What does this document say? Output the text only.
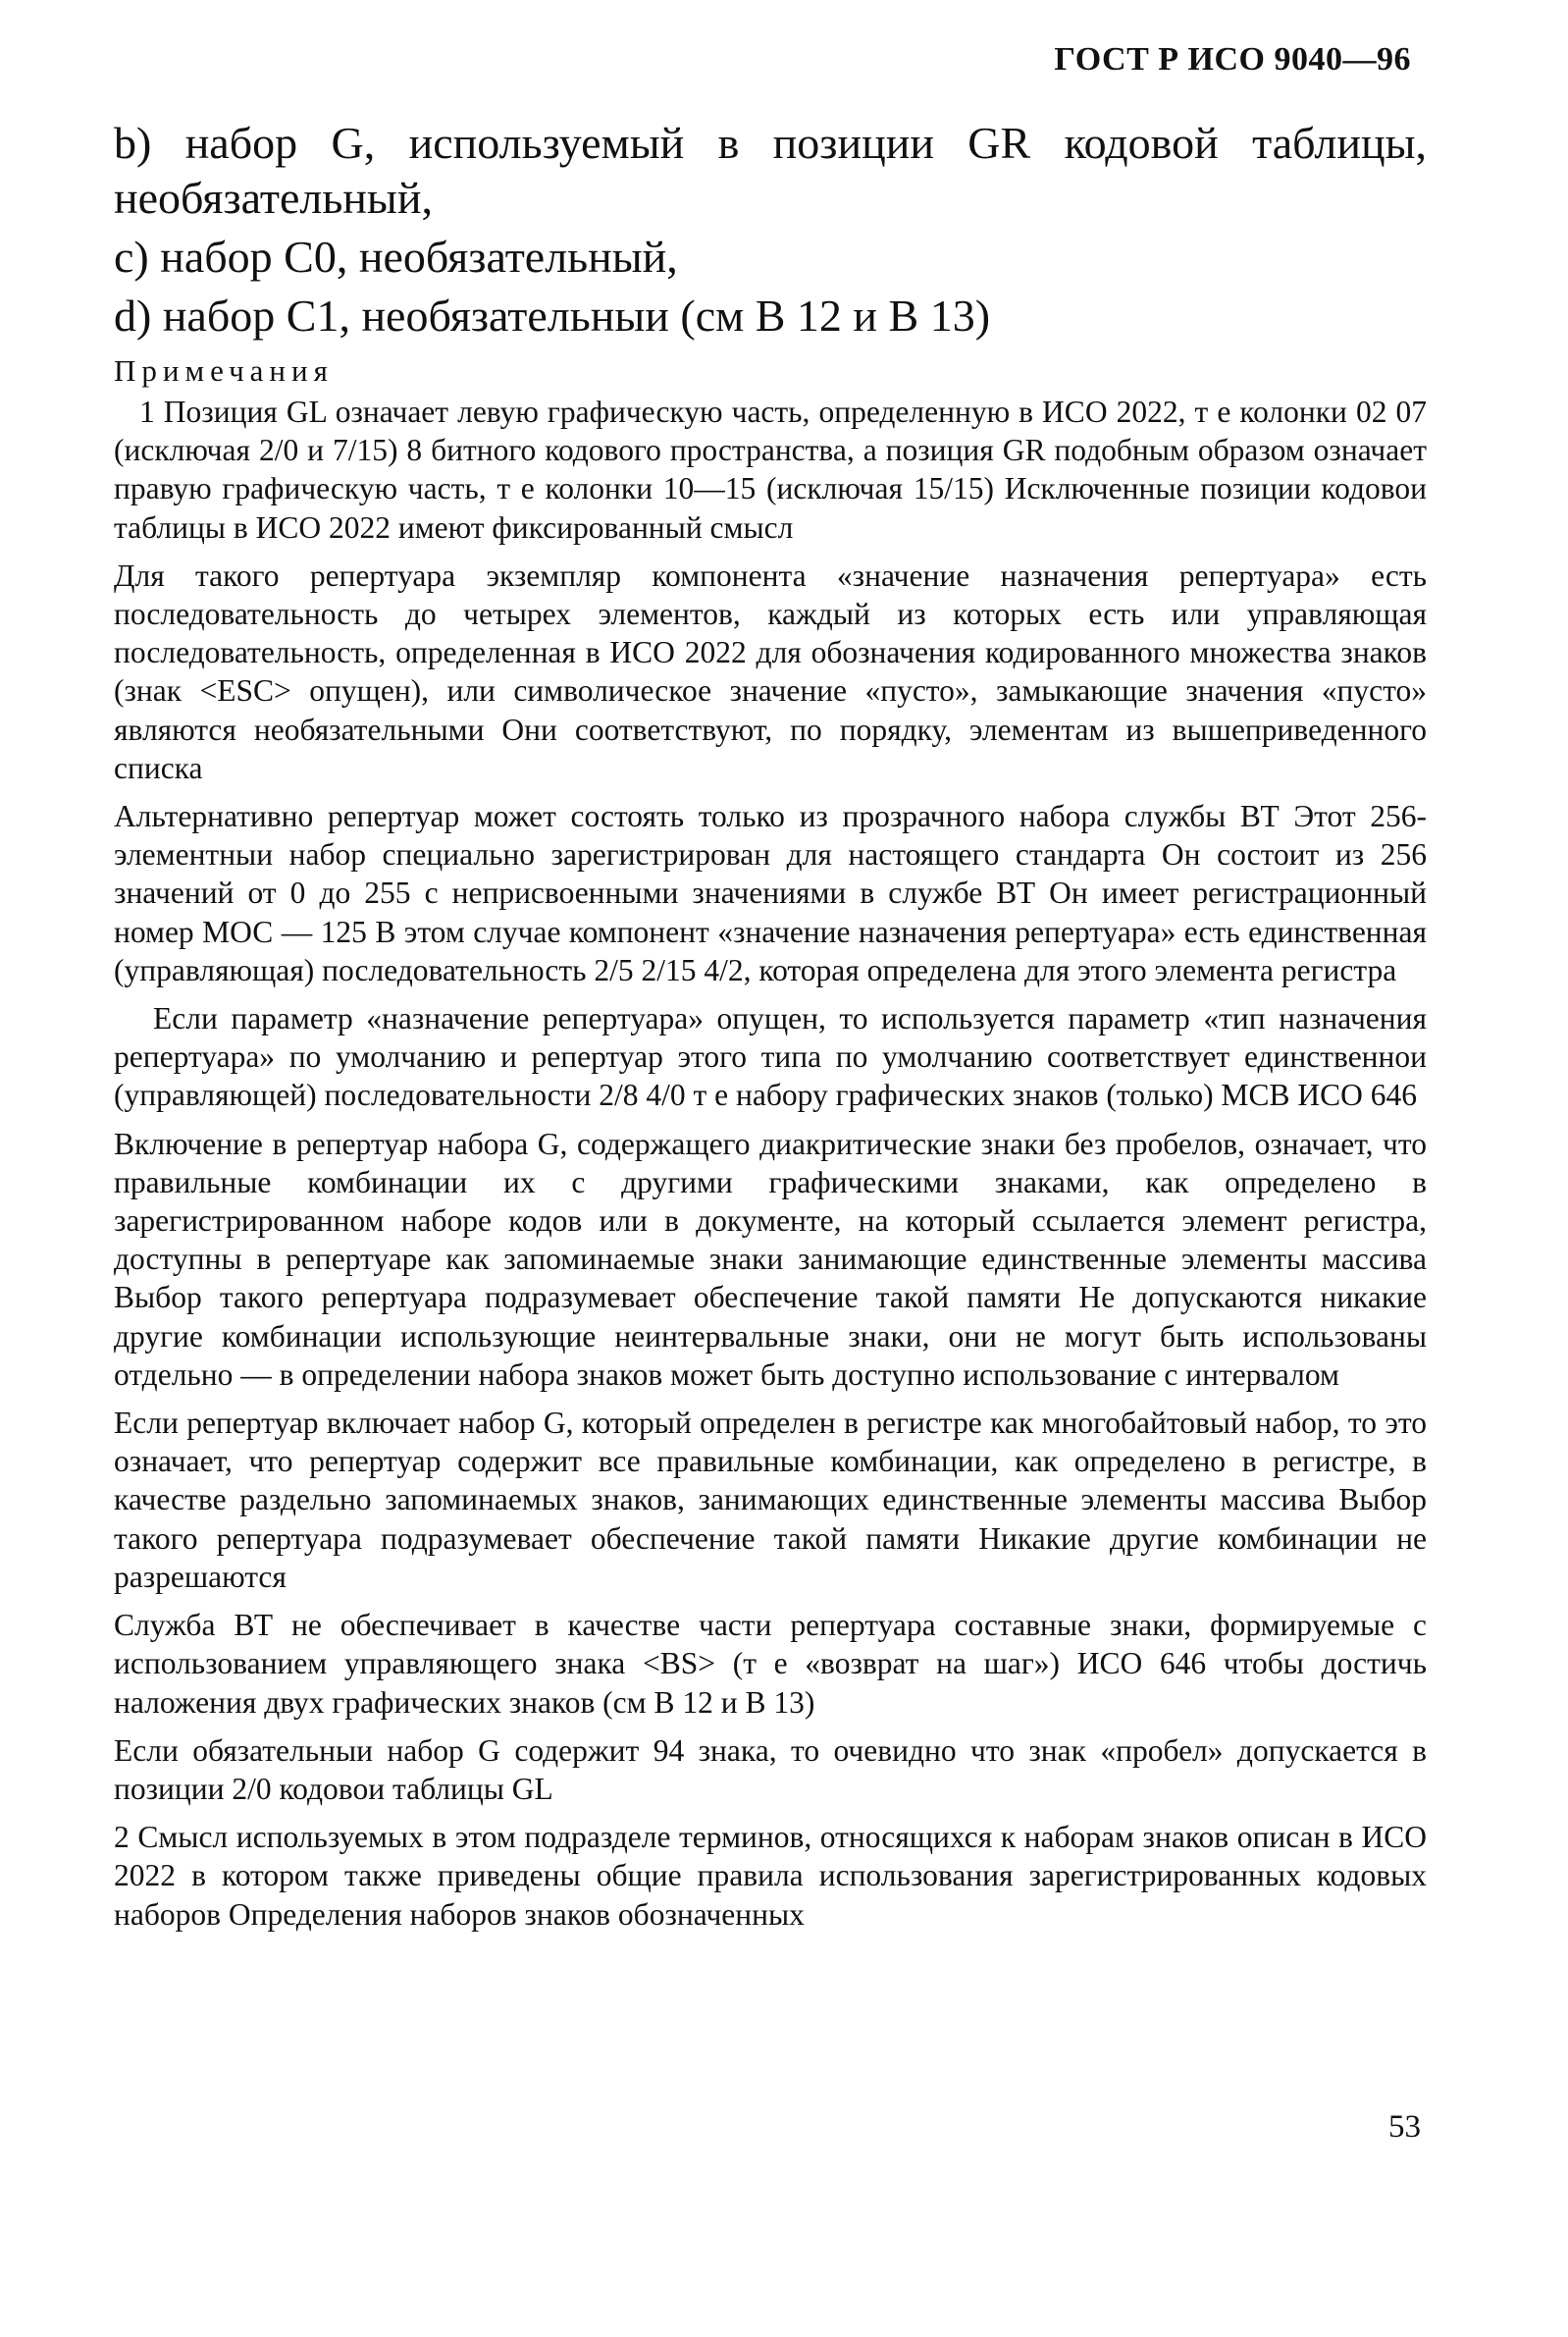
ГОСТ Р ИСО 9040—96

b) набор G, используемый в позиции GR кодовой таблицы, необязательный,

c) набор С0, необязательный,

d) набор С1, необязательныи (см В 12 и В 13)

Примечания

1 Позиция GL означает левую графическую часть, определенную в ИСО 2022, т е колонки 02 07 (исключая 2/0 и 7/15) 8 битного кодового пространства, а позиция GR подобным образом означает правую графическую часть, т е колонки 10—15 (исключая 15/15) Исключенные позиции кодовои таблицы в ИСО 2022 имеют фиксированный смысл

Для такого репертуара экземпляр компонента «значение назначения репертуара» есть последовательность до четырех элементов, каждый из которых есть или управляющая последовательность, определенная в ИСО 2022 для обозначения кодированного множества знаков (знак <ESC> опущен), или символическое значение «пусто», замыкающие значения «пусто» являются необязательными Они соответствуют, по порядку, элементам из вышеприведенного списка

Альтернативно репертуар может состоять только из прозрачного набора службы ВТ Этот 256-элементныи набор специально зарегистрирован для настоящего стандарта Он состоит из 256 значений от 0 до 255 с неприсвоенными значениями в службе ВТ Он имеет регистрационный номер МОС — 125 В этом случае компонент «значение назначения репертуара» есть единственная (управляющая) последовательность 2/5 2/15 4/2, которая определена для этого элемента регистра

Если параметр «назначение репертуара» опущен, то используется параметр «тип назначения репертуара» по умолчанию и репертуар этого типа по умолчанию соответствует единственнои (управляющей) последовательности 2/8 4/0 т е набору графических знаков (только) МСВ ИСО 646

Включение в репертуар набора G, содержащего диакритические знаки без пробелов, означает, что правильные комбинации их с другими графическими знаками, как определено в зарегистрированном наборе кодов или в документе, на который ссылается элемент регистра, доступны в репертуаре как запоминаемые знаки занимающие единственные элементы массива Выбор такого репертуара подразумевает обеспечение такой памяти Не допускаются никакие другие комбинации использующие неинтервальные знаки, они не могут быть использованы отдельно — в определении набора знаков может быть доступно использование с интервалом

Если репертуар включает набор G, который определен в регистре как многобайтовый набор, то это означает, что репертуар содержит все правильные комбинации, как определено в регистре, в качестве раздельно запоминаемых знаков, занимающих единственные элементы массива Выбор такого репертуара подразумевает обеспечение такой памяти Никакие другие комбинации не разрешаются

Служба ВТ не обеспечивает в качестве части репертуара составные знаки, формируемые с использованием управляющего знака <BS> (т е «возврат на шаг») ИСО 646 чтобы достичь наложения двух графических знаков (см В 12 и В 13)

Если обязательныи набор G содержит 94 знака, то очевидно что знак «пробел» допускается в позиции 2/0 кодовои таблицы GL

2 Смысл используемых в этом подразделе терминов, относящихся к наборам знаков описан в ИСО 2022 в котором также приведены общие правила использования зарегистрированных кодовых наборов Определения наборов знаков обозначенных

53
